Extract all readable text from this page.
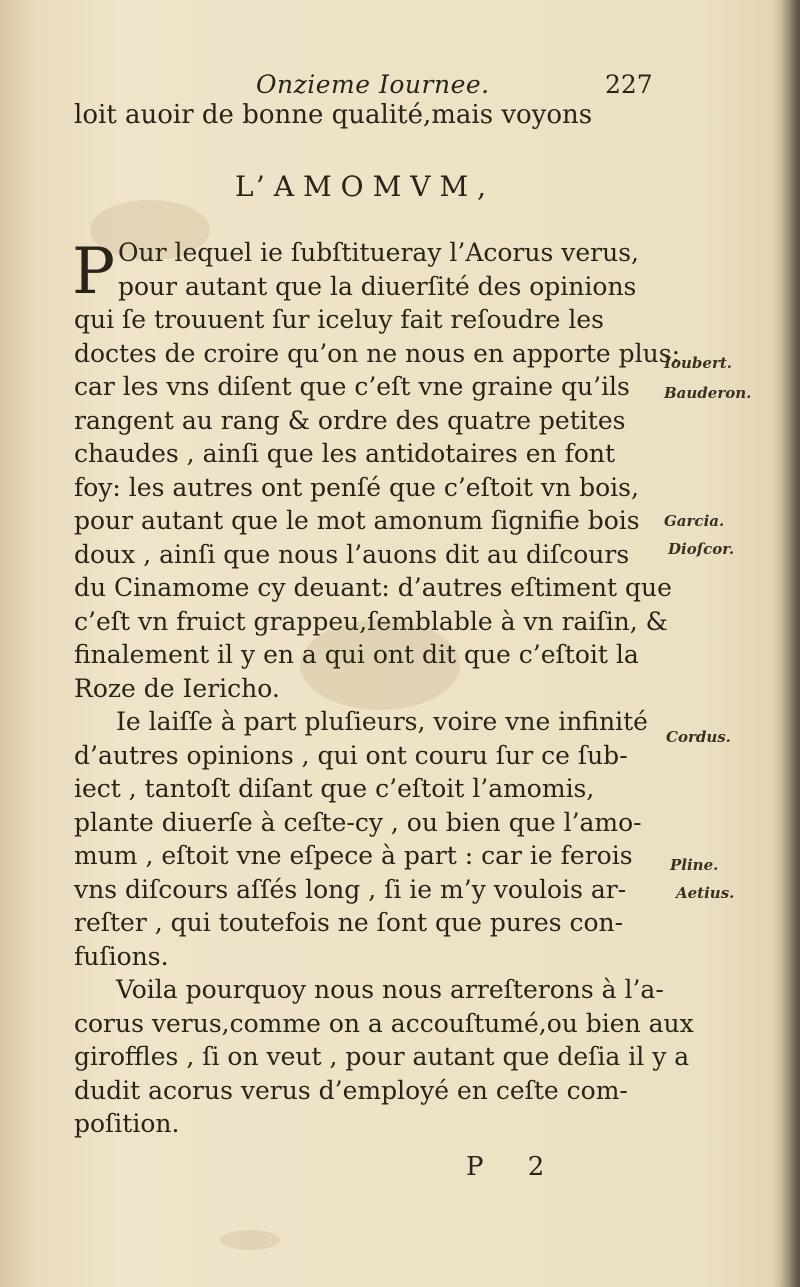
Onzieme Iournee.	227
loit auoir de bonne qualité,mais voyons
L’AMOMVM,
P Our lequel ie ſubſtitueray l’Acorus verus,
pour autant que la diuerſité des opinions
qui ſe trouuent ſur iceluy fait reſoudre les
doctes de croire qu’on ne nous en apporte plus:
car les vns diſent que c’eſt vne graine qu’ils
rangent au rang & ordre des quatre petites
chaudes , ainſi que les antidotaires en font
foy: les autres ont penſé que c’eſtoit vn bois,
pour autant que le mot amonum ſignifie bois
doux , ainſi que nous l’auons dit au diſcours
du Cinamome cy deuant: d’autres eſtiment que
c’eſt vn fruict grappeu,ſemblable à vn raiſin, &
finalement il y en a qui ont dit que c’eſtoit la
Roze de Iericho.
Ie laiſſe à part pluſieurs, voire vne infinité
d’autres opinions , qui ont couru ſur ce ſub-
iect , tantoſt diſant que c’eſtoit l’amomis,
plante diuerſe à ceſte-cy , ou bien que l’amo-
mum , eſtoit vne eſpece à part : car ie ferois
vns diſcours aſſés long , ſi ie m’y voulois ar-
reſter , qui toutefois ne ſont que pures con-
fuſions.
Voila pourquoy nous nous arreſterons à l’a-
corus verus,comme on a accouſtumé,ou bien aux
giroffles , ſi on veut , pour autant que deſia il y a
dudit acorus verus d’employé en ceſte com-
poſition.
Ioubert.
Bauderon.
Garcia.
Dioſcor.
Cordus.
Pline.
Aetius.
P 2
